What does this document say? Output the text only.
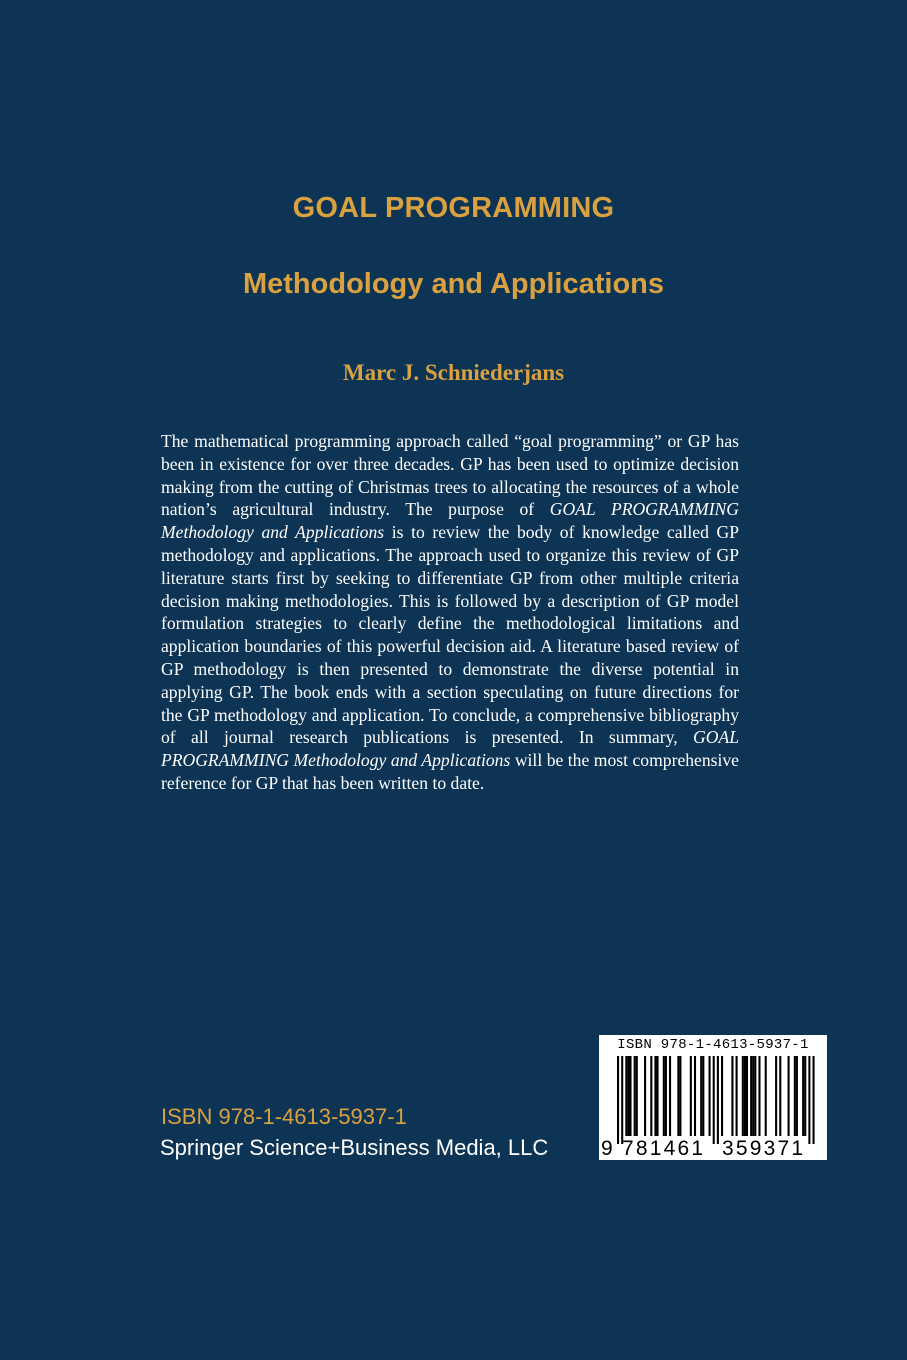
GOAL PROGRAMMING
Methodology and Applications
Marc J. Schniederjans

The mathematical programming approach called “goal programming” or GP has been in existence for over three decades. GP has been used to optimize decision making from the cutting of Christmas trees to allocating the resources of a whole nation’s agricultural industry. The purpose of GOAL PROGRAMMING Methodology and Applications is to review the body of knowledge called GP methodology and applications. The approach used to organize this review of GP literature starts first by seeking to differentiate GP from other multiple criteria decision making methodologies. This is followed by a description of GP model formulation strategies to clearly define the methodological limitations and application boundaries of this powerful decision aid. A literature based review of GP methodology is then presented to demonstrate the diverse potential in applying GP. The book ends with a section speculating on future directions for the GP methodology and application. To conclude, a comprehensive bibliography of all journal research publications is presented. In summary, GOAL PROGRAMMING Methodology and Applications will be the most comprehensive reference for GP that has been written to date.

ISBN 978-1-4613-5937-1
Springer Science+Business Media, LLC
ISBN 978-1-4613-5937-1
9 781461 359371
